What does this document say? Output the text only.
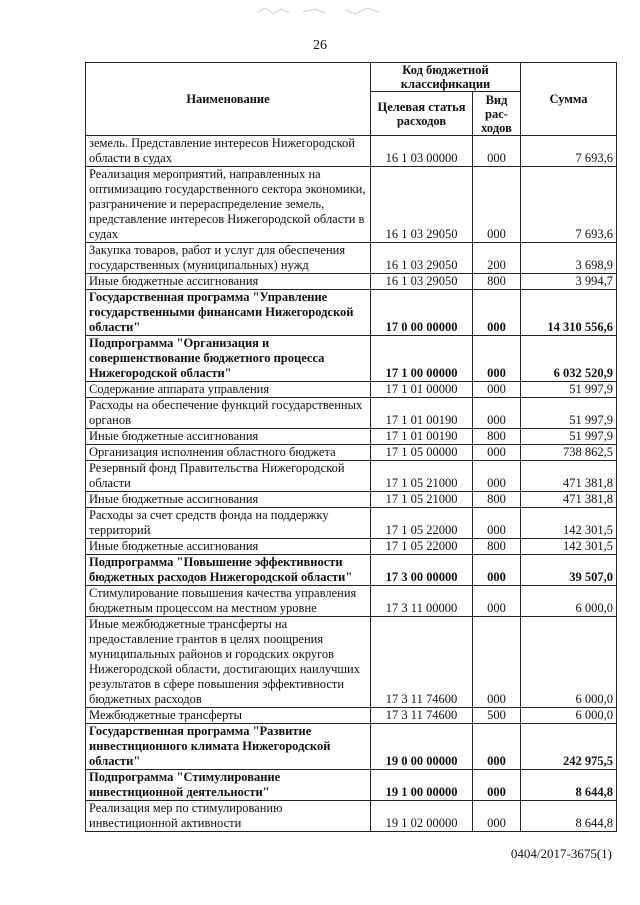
26
Наименование	Код бюджетной классификации		Сумма
	Целевая статья расходов	Вид рас-ходов	
земель. Представление интересов Нижегородской области в судах	16 1 03 00000	000	7 693,6
Реализация мероприятий, направленных на оптимизацию государственного сектора экономики, разграничение и перераспределение земель, представление интересов Нижегородской области в судах	16 1 03 29050	000	7 693,6
Закупка товаров, работ и услуг для обеспечения государственных (муниципальных) нужд	16 1 03 29050	200	3 698,9
Иные бюджетные ассигнования	16 1 03 29050	800	3 994,7
Государственная программа "Управление государственными финансами Нижегородской области"	17 0 00 00000	000	14 310 556,6
Подпрограмма "Организация и совершенствование бюджетного процесса Нижегородской области"	17 1 00 00000	000	6 032 520,9
Содержание аппарата управления	17 1 01 00000	000	51 997,9
Расходы на обеспечение функций государственных органов	17 1 01 00190	000	51 997,9
Иные бюджетные ассигнования	17 1 01 00190	800	51 997,9
Организация исполнения областного бюджета	17 1 05 00000	000	738 862,5
Резервный фонд Правительства Нижегородской области	17 1 05 21000	000	471 381,8
Иные бюджетные ассигнования	17 1 05 21000	800	471 381,8
Расходы за счет средств фонда на поддержку территорий	17 1 05 22000	000	142 301,5
Иные бюджетные ассигнования	17 1 05 22000	800	142 301,5
Подпрограмма "Повышение эффективности бюджетных расходов Нижегородской области"	17 3 00 00000	000	39 507,0
Стимулирование повышения качества управления бюджетным процессом на местном уровне	17 3 11 00000	000	6 000,0
Иные межбюджетные трансферты на предоставление грантов в целях поощрения муниципальных районов и городских округов Нижегородской области, достигающих наилучших результатов в сфере повышения эффективности бюджетных расходов	17 3 11 74600	000	6 000,0
Межбюджетные трансферты	17 3 11 74600	500	6 000,0
Государственная программа "Развитие инвестиционного климата Нижегородской области"	19 0 00 00000	000	242 975,5
Подпрограмма "Стимулирование инвестиционной деятельности"	19 1 00 00000	000	8 644,8
Реализация мер по стимулированию инвестиционной активности	19 1 02 00000	000	8 644,8
0404/2017-3675(1)
